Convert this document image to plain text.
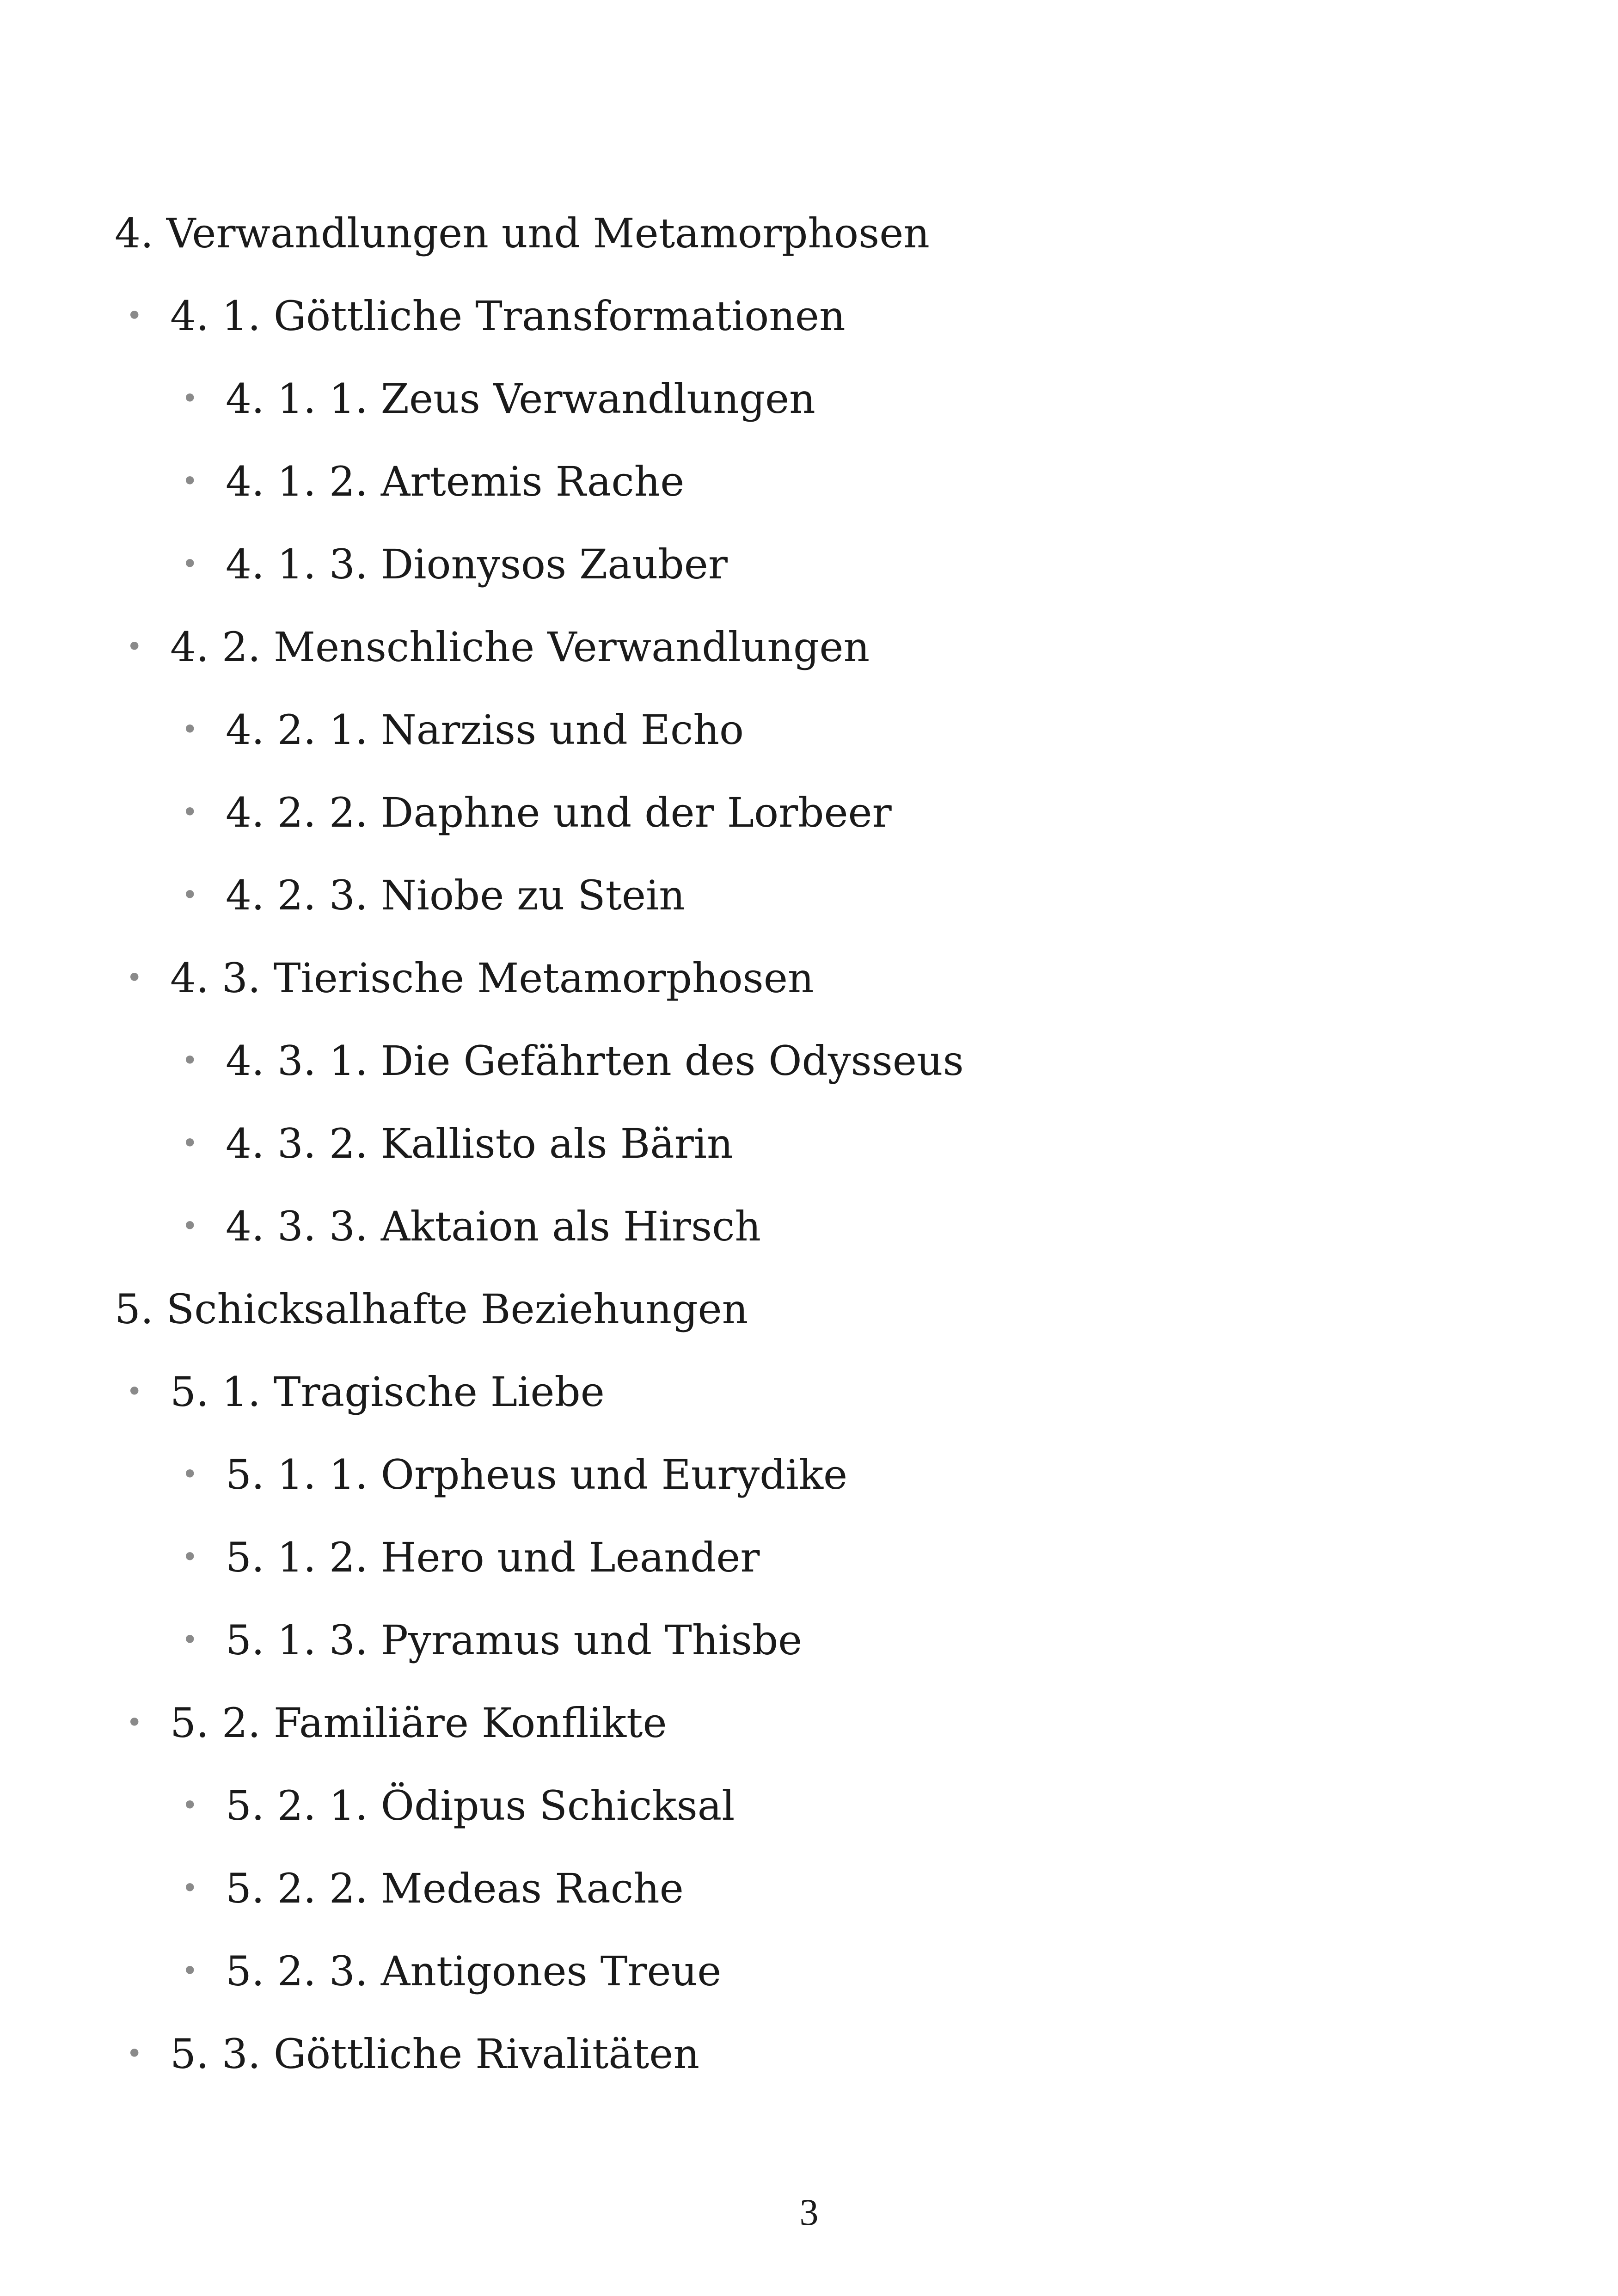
4. Verwandlungen und Metamorphosen
• 4. 1. Göttliche Transformationen
• 4. 1. 1. Zeus Verwandlungen
• 4. 1. 2. Artemis Rache
• 4. 1. 3. Dionysos Zauber
• 4. 2. Menschliche Verwandlungen
• 4. 2. 1. Narziss und Echo
• 4. 2. 2. Daphne und der Lorbeer
• 4. 2. 3. Niobe zu Stein
• 4. 3. Tierische Metamorphosen
• 4. 3. 1. Die Gefährten des Odysseus
• 4. 3. 2. Kallisto als Bärin
• 4. 3. 3. Aktaion als Hirsch
5. Schicksalhafte Beziehungen
• 5. 1. Tragische Liebe
• 5. 1. 1. Orpheus und Eurydike
• 5. 1. 2. Hero und Leander
• 5. 1. 3. Pyramus und Thisbe
• 5. 2. Familiäre Konflikte
• 5. 2. 1. Ödipus Schicksal
• 5. 2. 2. Medeas Rache
• 5. 2. 3. Antigones Treue
• 5. 3. Göttliche Rivalitäten
3
